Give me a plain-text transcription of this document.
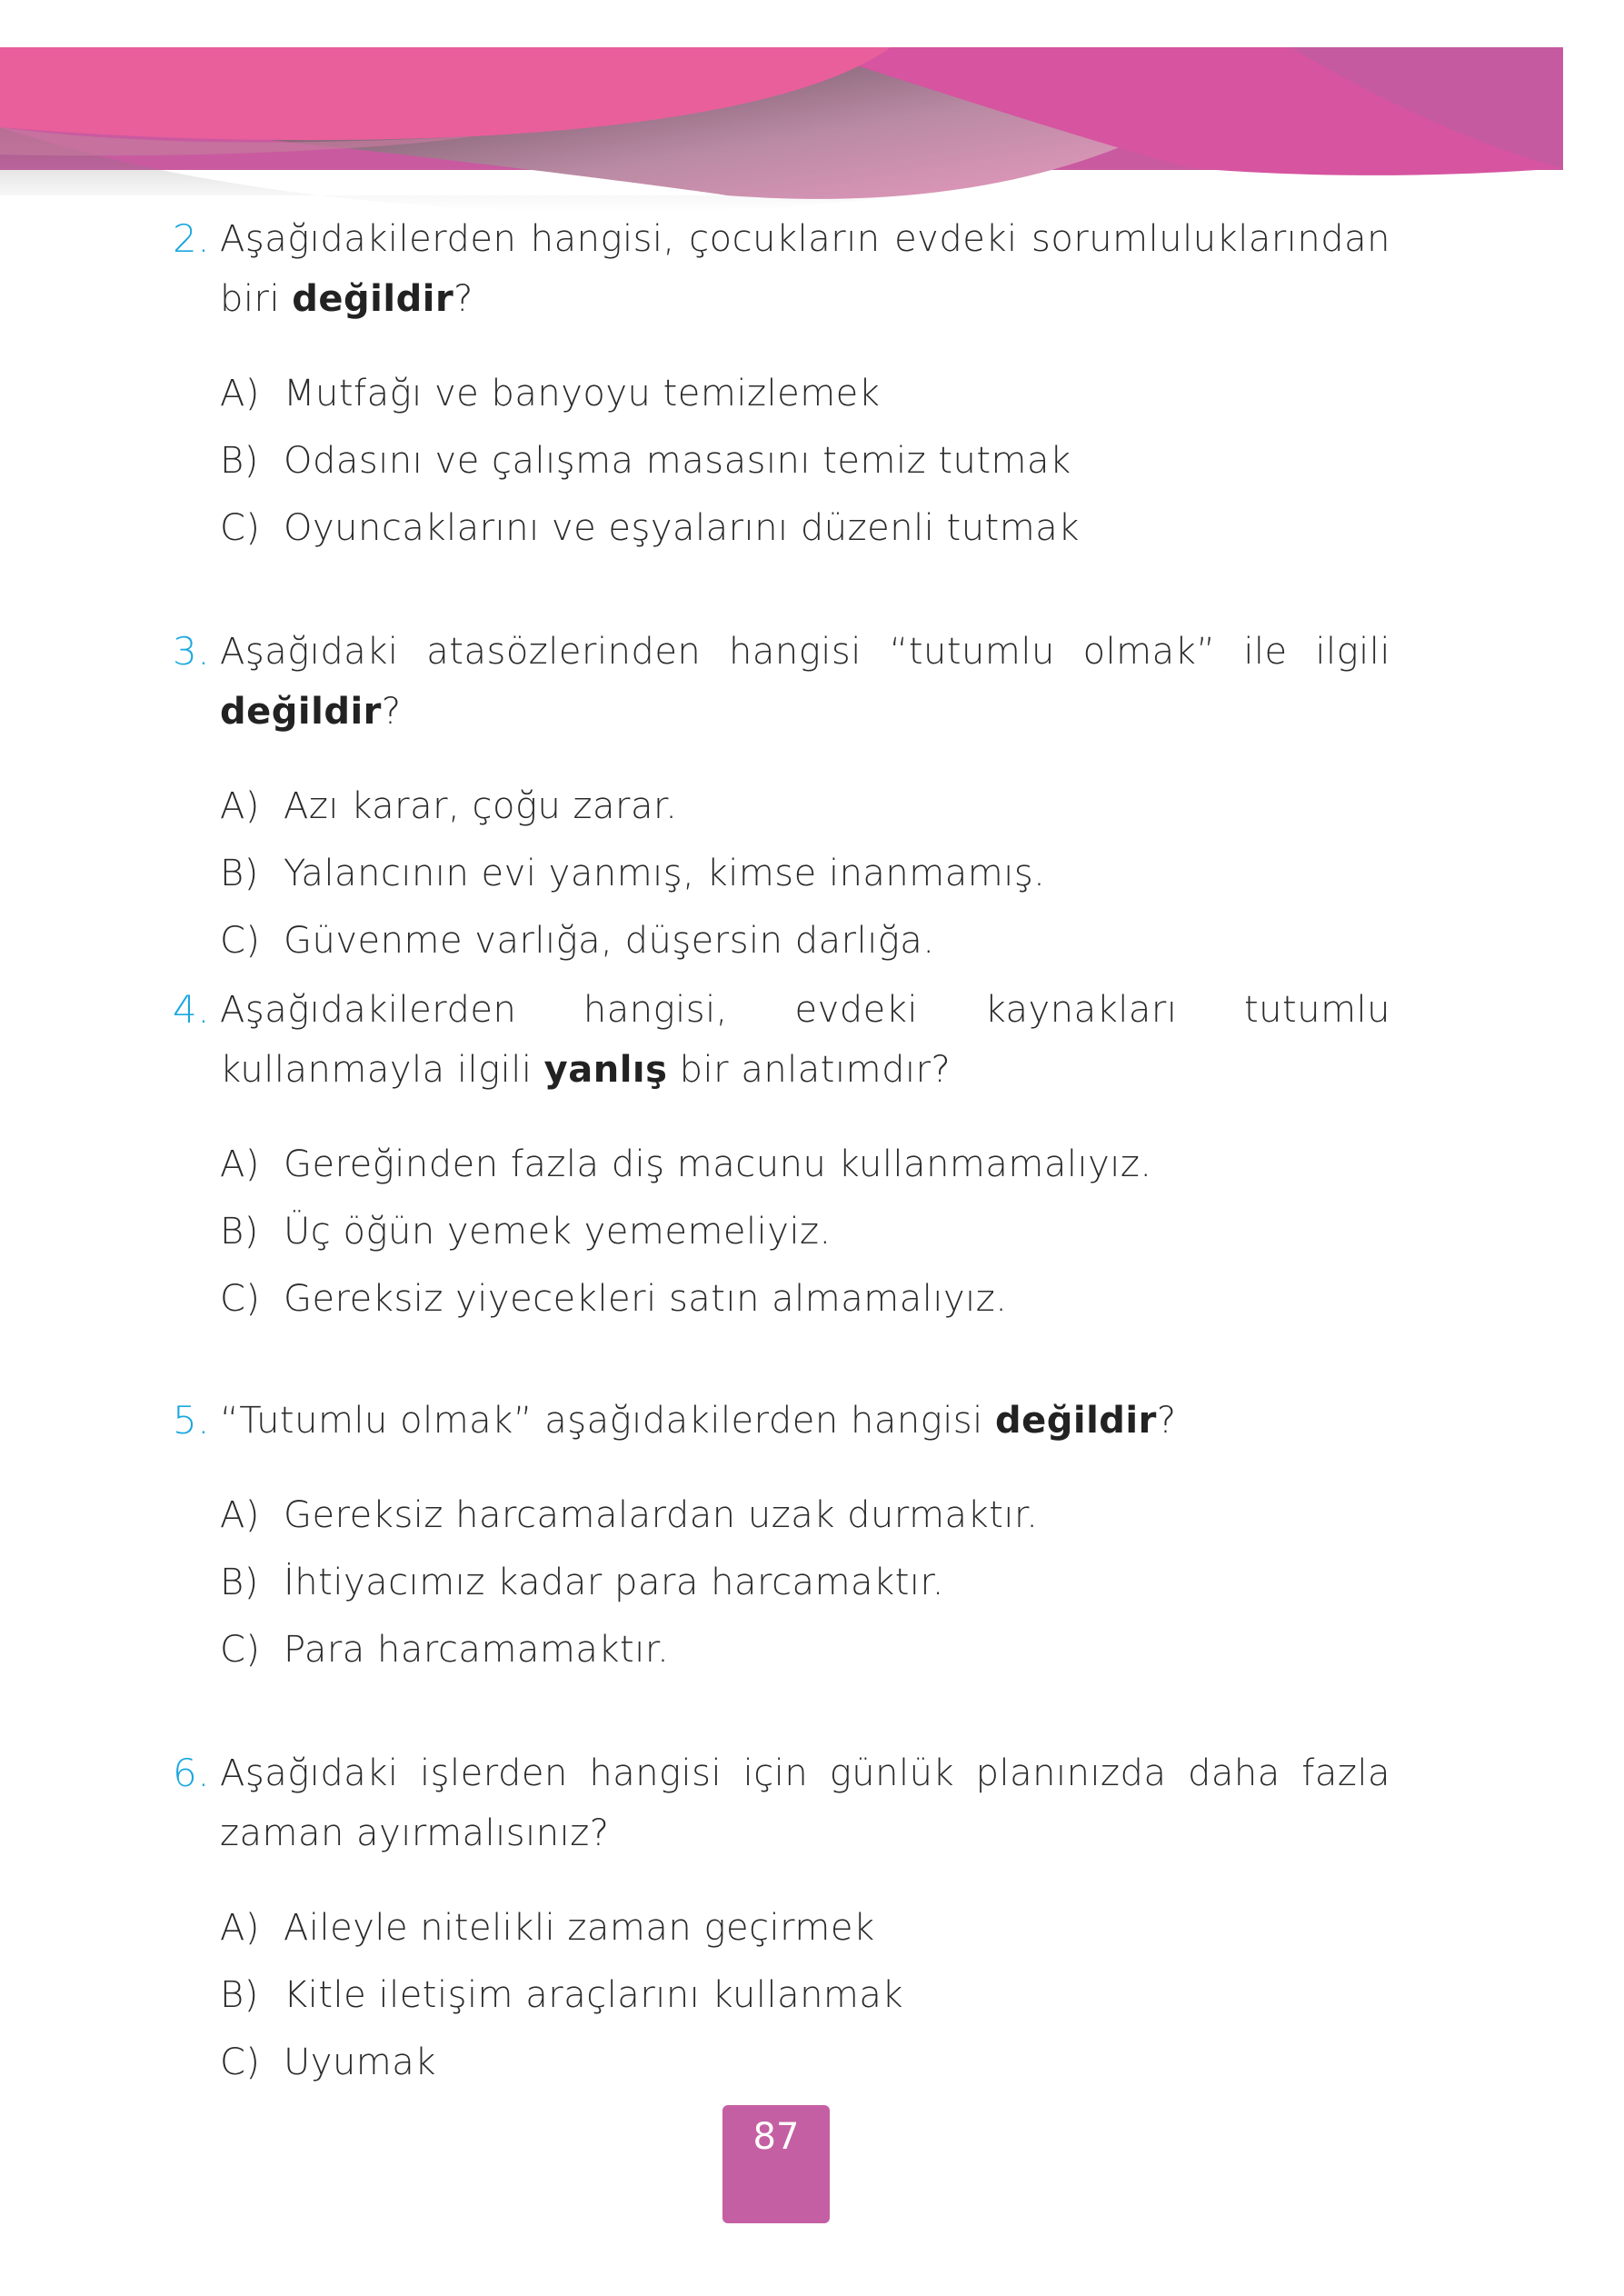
2. Aşağıdakilerden hangisi, çocukların evdeki sorumluluklarından biri değildir?
A) Mutfağı ve banyoyu temizlemek
B) Odasını ve çalışma masasını temiz tutmak
C) Oyuncaklarını ve eşyalarını düzenli tutmak
3. Aşağıdaki atasözlerinden hangisi “tutumlu olmak” ile ilgili değildir?
A) Azı karar, çoğu zarar.
B) Yalancının evi yanmış, kimse inanmamış.
C) Güvenme varlığa, düşersin darlığa.
4. Aşağıdakilerden hangisi, evdeki kaynakları tutumlu kullanmayla ilgili yanlış bir anlatımdır?
A) Gereğinden fazla diş macunu kullanmamalıyız.
B) Üç öğün yemek yememeliyiz.
C) Gereksiz yiyecekleri satın almamalıyız.
5. “Tutumlu olmak” aşağıdakilerden hangisi değildir?
A) Gereksiz harcamalardan uzak durmaktır.
B) İhtiyacımız kadar para harcamaktır.
C) Para harcamamaktır.
6. Aşağıdaki işlerden hangisi için günlük planınızda daha fazla zaman ayırmalısınız?
A) Aileyle nitelikli zaman geçirmek
B) Kitle iletişim araçlarını kullanmak
C) Uyumak
87
